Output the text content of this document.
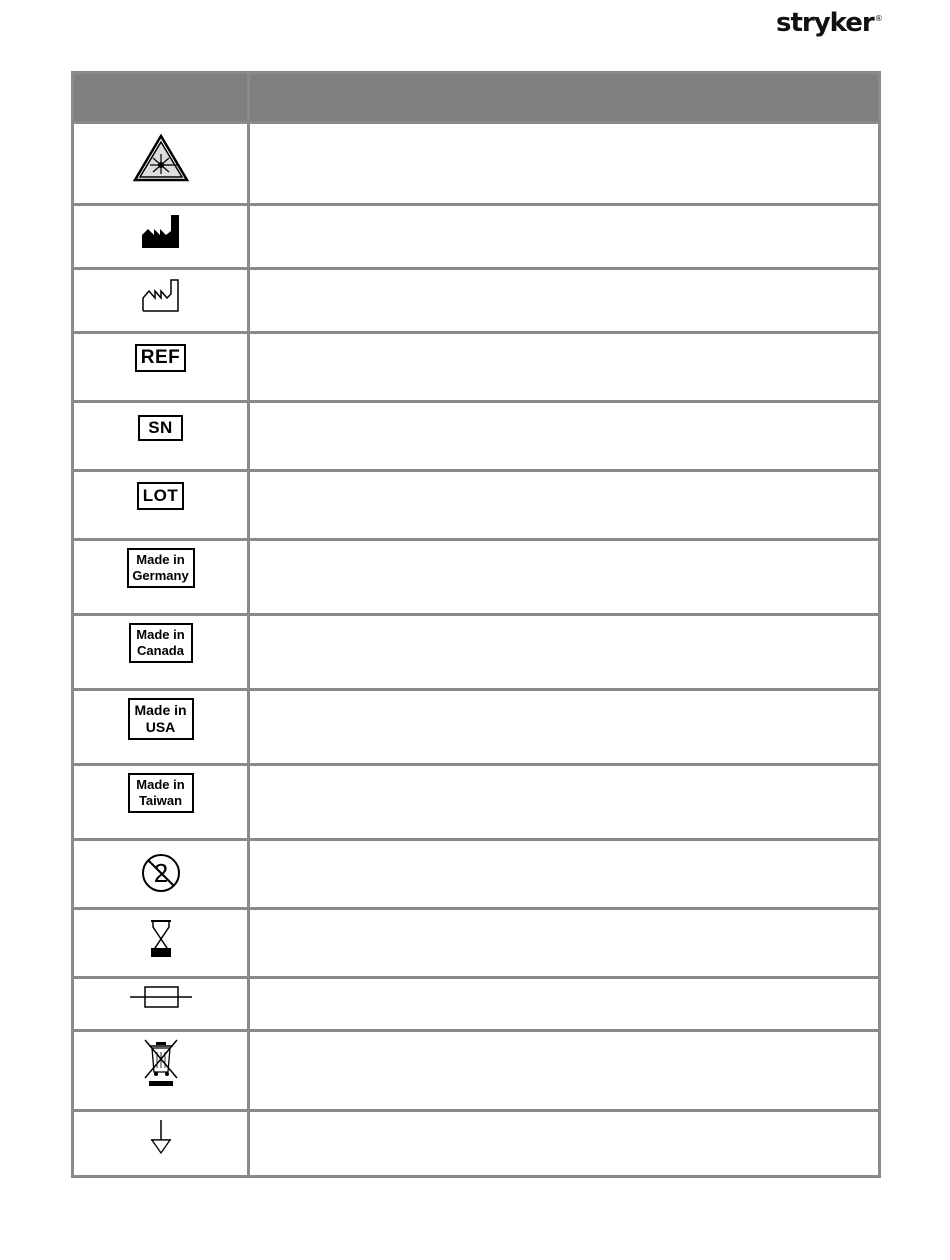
stryker®

REF	

SN	

LOT	

Made in
Germany	

Made in
Canada	

Made in
USA	

Made in
Taiwan	

2	
